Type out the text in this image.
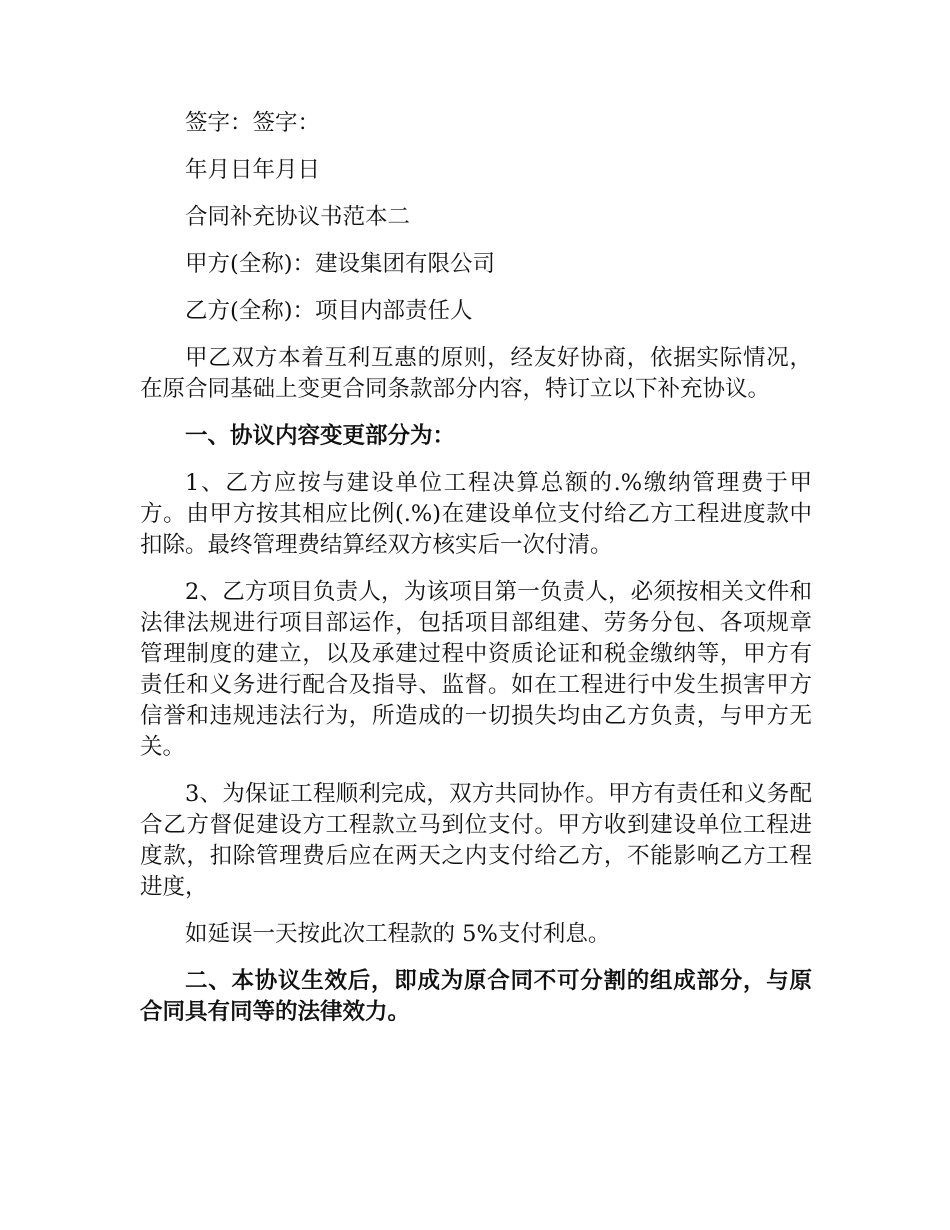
签字：签字：

年月日年月日

合同补充协议书范本二

甲方(全称)：建设集团有限公司

乙方(全称)：项目内部责任人

甲乙双方本着互利互惠的原则，经友好协商，依据实际情况，在原合同基础上变更合同条款部分内容，特订立以下补充协议。

一、协议内容变更部分为：

1、乙方应按与建设单位工程决算总额的.%缴纳管理费于甲方。由甲方按其相应比例(.%)在建设单位支付给乙方工程进度款中扣除。最终管理费结算经双方核实后一次付清。

2、乙方项目负责人，为该项目第一负责人，必须按相关文件和法律法规进行项目部运作，包括项目部组建、劳务分包、各项规章管理制度的建立，以及承建过程中资质论证和税金缴纳等，甲方有责任和义务进行配合及指导、监督。如在工程进行中发生损害甲方信誉和违规违法行为，所造成的一切损失均由乙方负责，与甲方无关。

3、为保证工程顺利完成，双方共同协作。甲方有责任和义务配合乙方督促建设方工程款立马到位支付。甲方收到建设单位工程进度款，扣除管理费后应在两天之内支付给乙方，不能影响乙方工程进度，

如延误一天按此次工程款的 5%支付利息。

二、本协议生效后，即成为原合同不可分割的组成部分，与原合同具有同等的法律效力。
